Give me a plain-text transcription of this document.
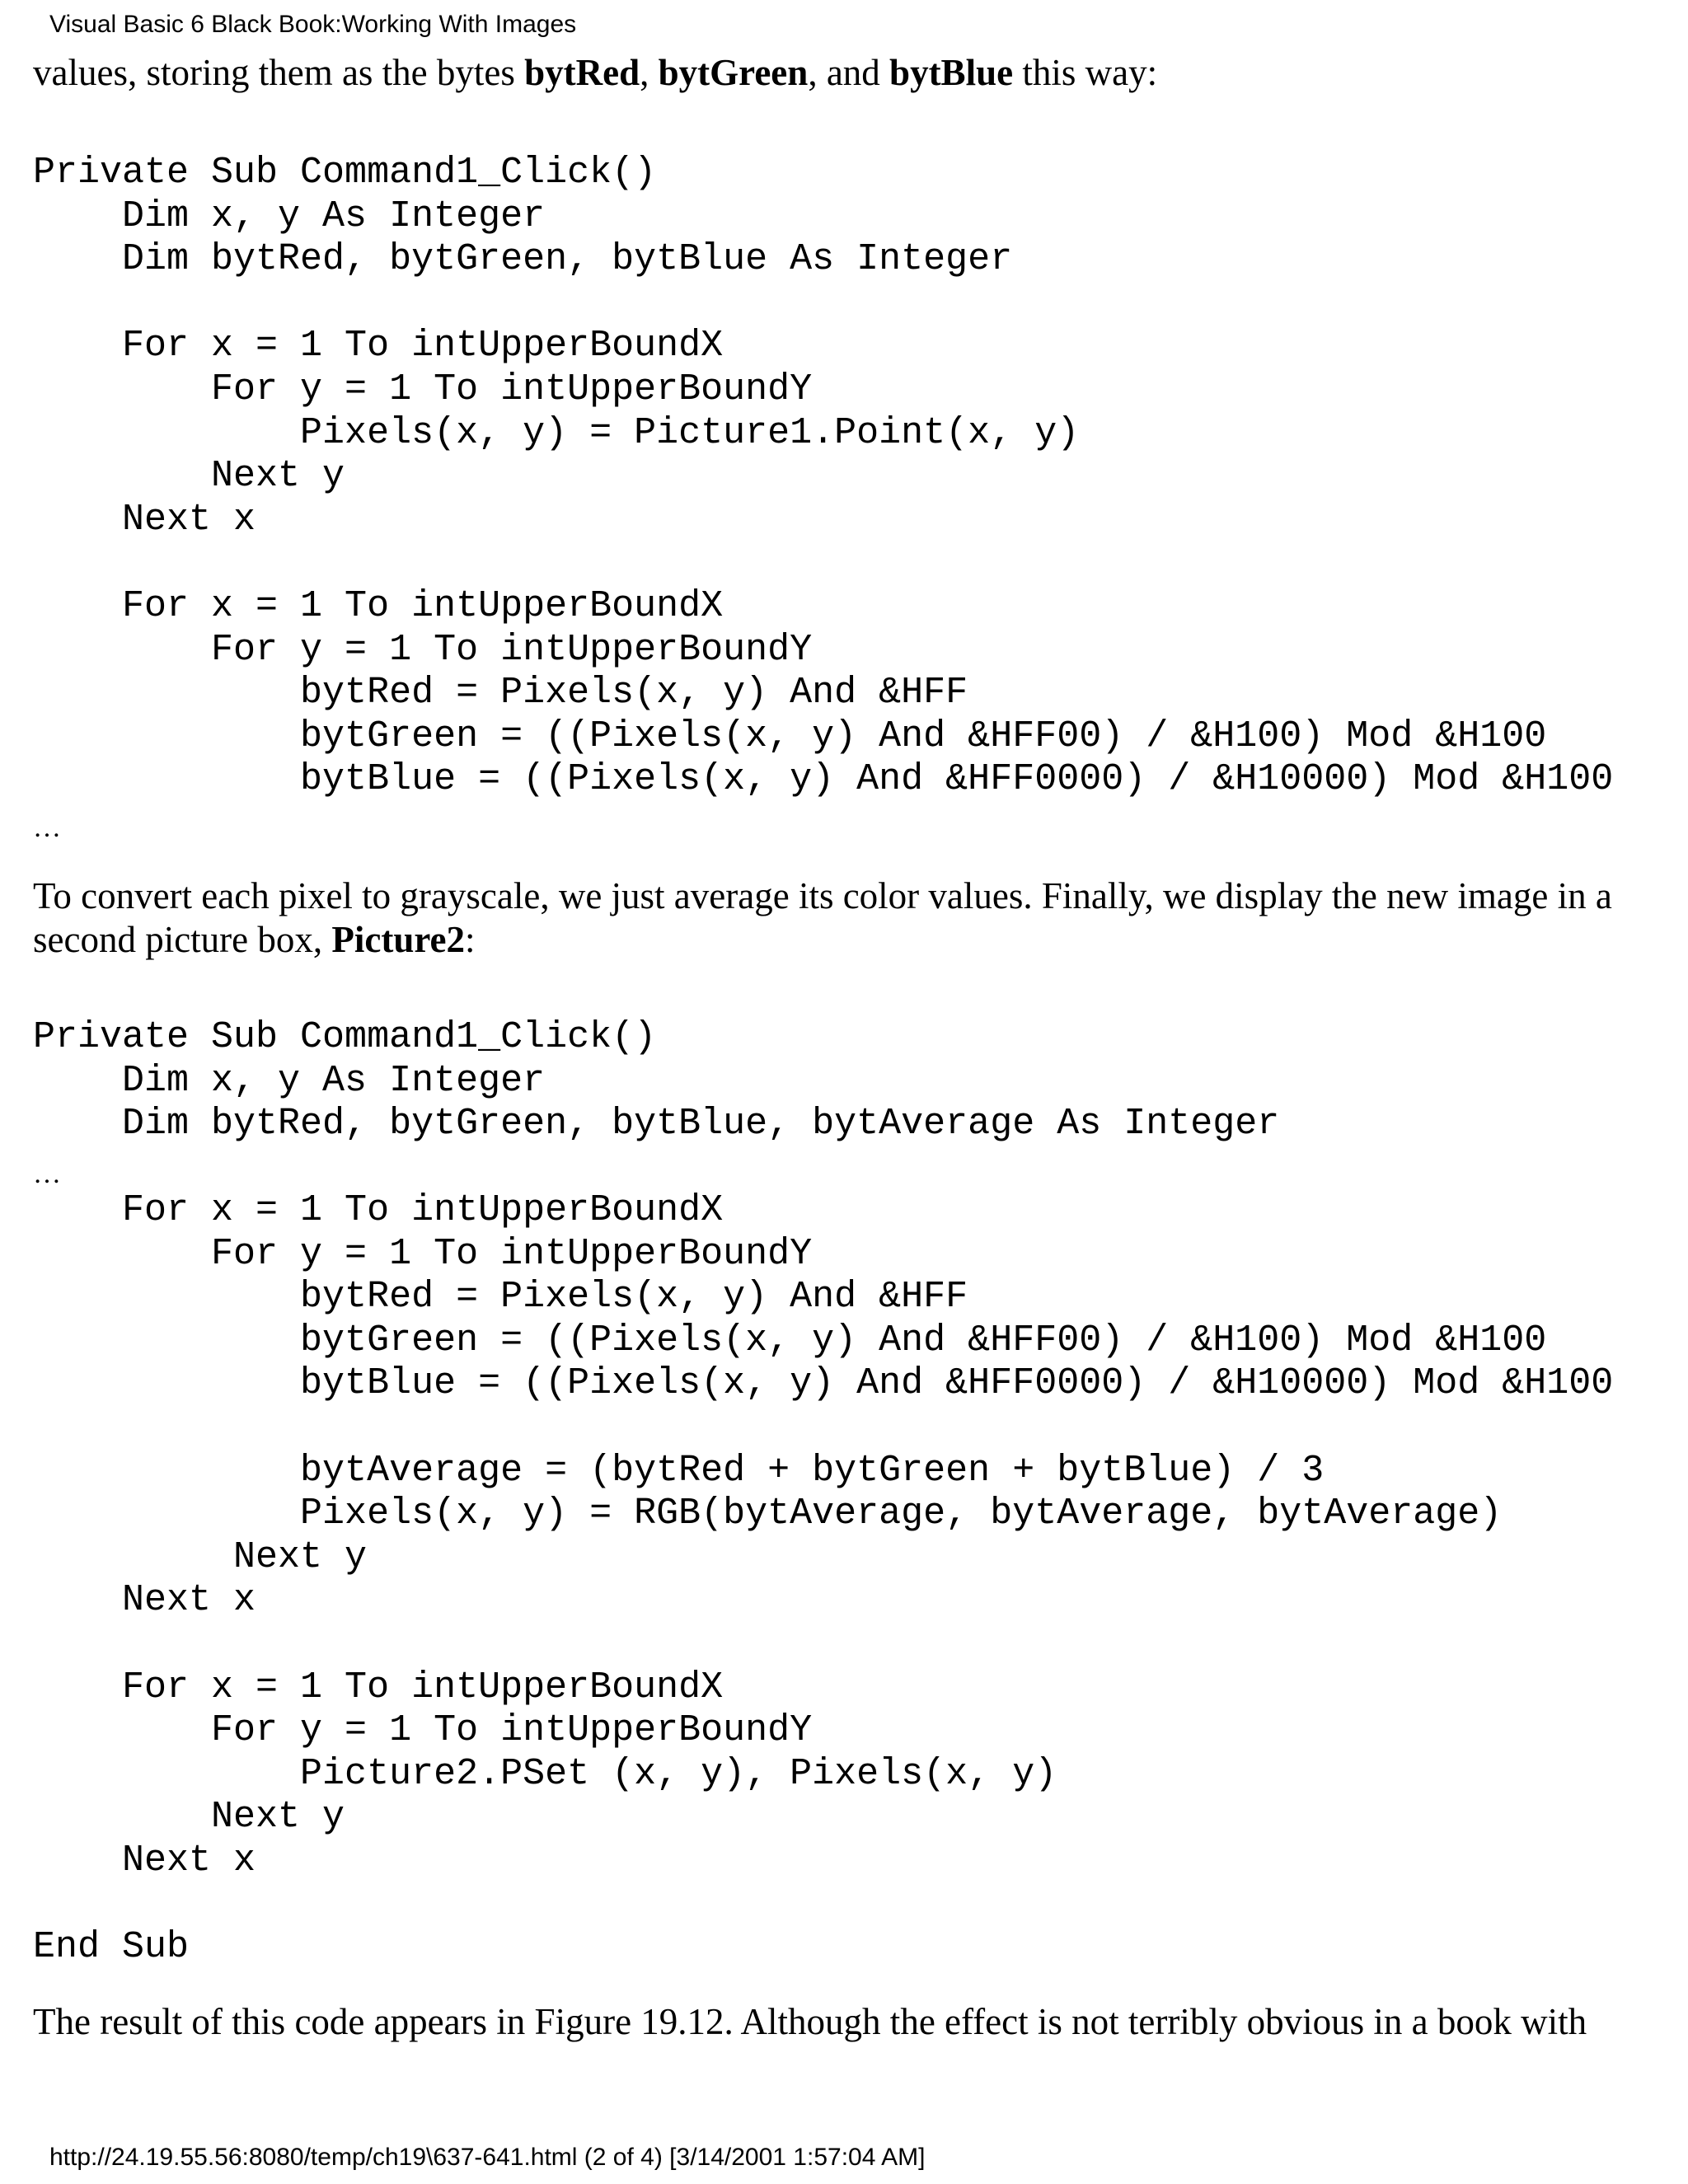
Visual Basic 6 Black Book:Working With Images

values, storing them as the bytes bytRed, bytGreen, and bytBlue this way:

Private Sub Command1_Click()
Dim x, y As Integer
Dim bytRed, bytGreen, bytBlue As Integer

For x = 1 To intUpperBoundX
For y = 1 To intUpperBoundY
Pixels(x, y) = Picture1.Point(x, y)
Next y
Next x

For x = 1 To intUpperBoundX
For y = 1 To intUpperBoundY
bytRed = Pixels(x, y) And &HFF
bytGreen = ((Pixels(x, y) And &HFF00) / &H100) Mod &H100
bytBlue = ((Pixels(x, y) And &HFF0000) / &H10000) Mod &H100
…

To convert each pixel to grayscale, we just average its color values. Finally, we display the new image in a second picture box, Picture2:

Private Sub Command1_Click()
Dim x, y As Integer
Dim bytRed, bytGreen, bytBlue, bytAverage As Integer
…
For x = 1 To intUpperBoundX
For y = 1 To intUpperBoundY
bytRed = Pixels(x, y) And &HFF
bytGreen = ((Pixels(x, y) And &HFF00) / &H100) Mod &H100
bytBlue = ((Pixels(x, y) And &HFF0000) / &H10000) Mod &H100

bytAverage = (bytRed + bytGreen + bytBlue) / 3
Pixels(x, y) = RGB(bytAverage, bytAverage, bytAverage)
Next y
Next x

For x = 1 To intUpperBoundX
For y = 1 To intUpperBoundY
Picture2.PSet (x, y), Pixels(x, y)
Next y
Next x

End Sub

The result of this code appears in Figure 19.12. Although the effect is not terribly obvious in a book with

http://24.19.55.56:8080/temp/ch19\637-641.html (2 of 4) [3/14/2001 1:57:04 AM]
